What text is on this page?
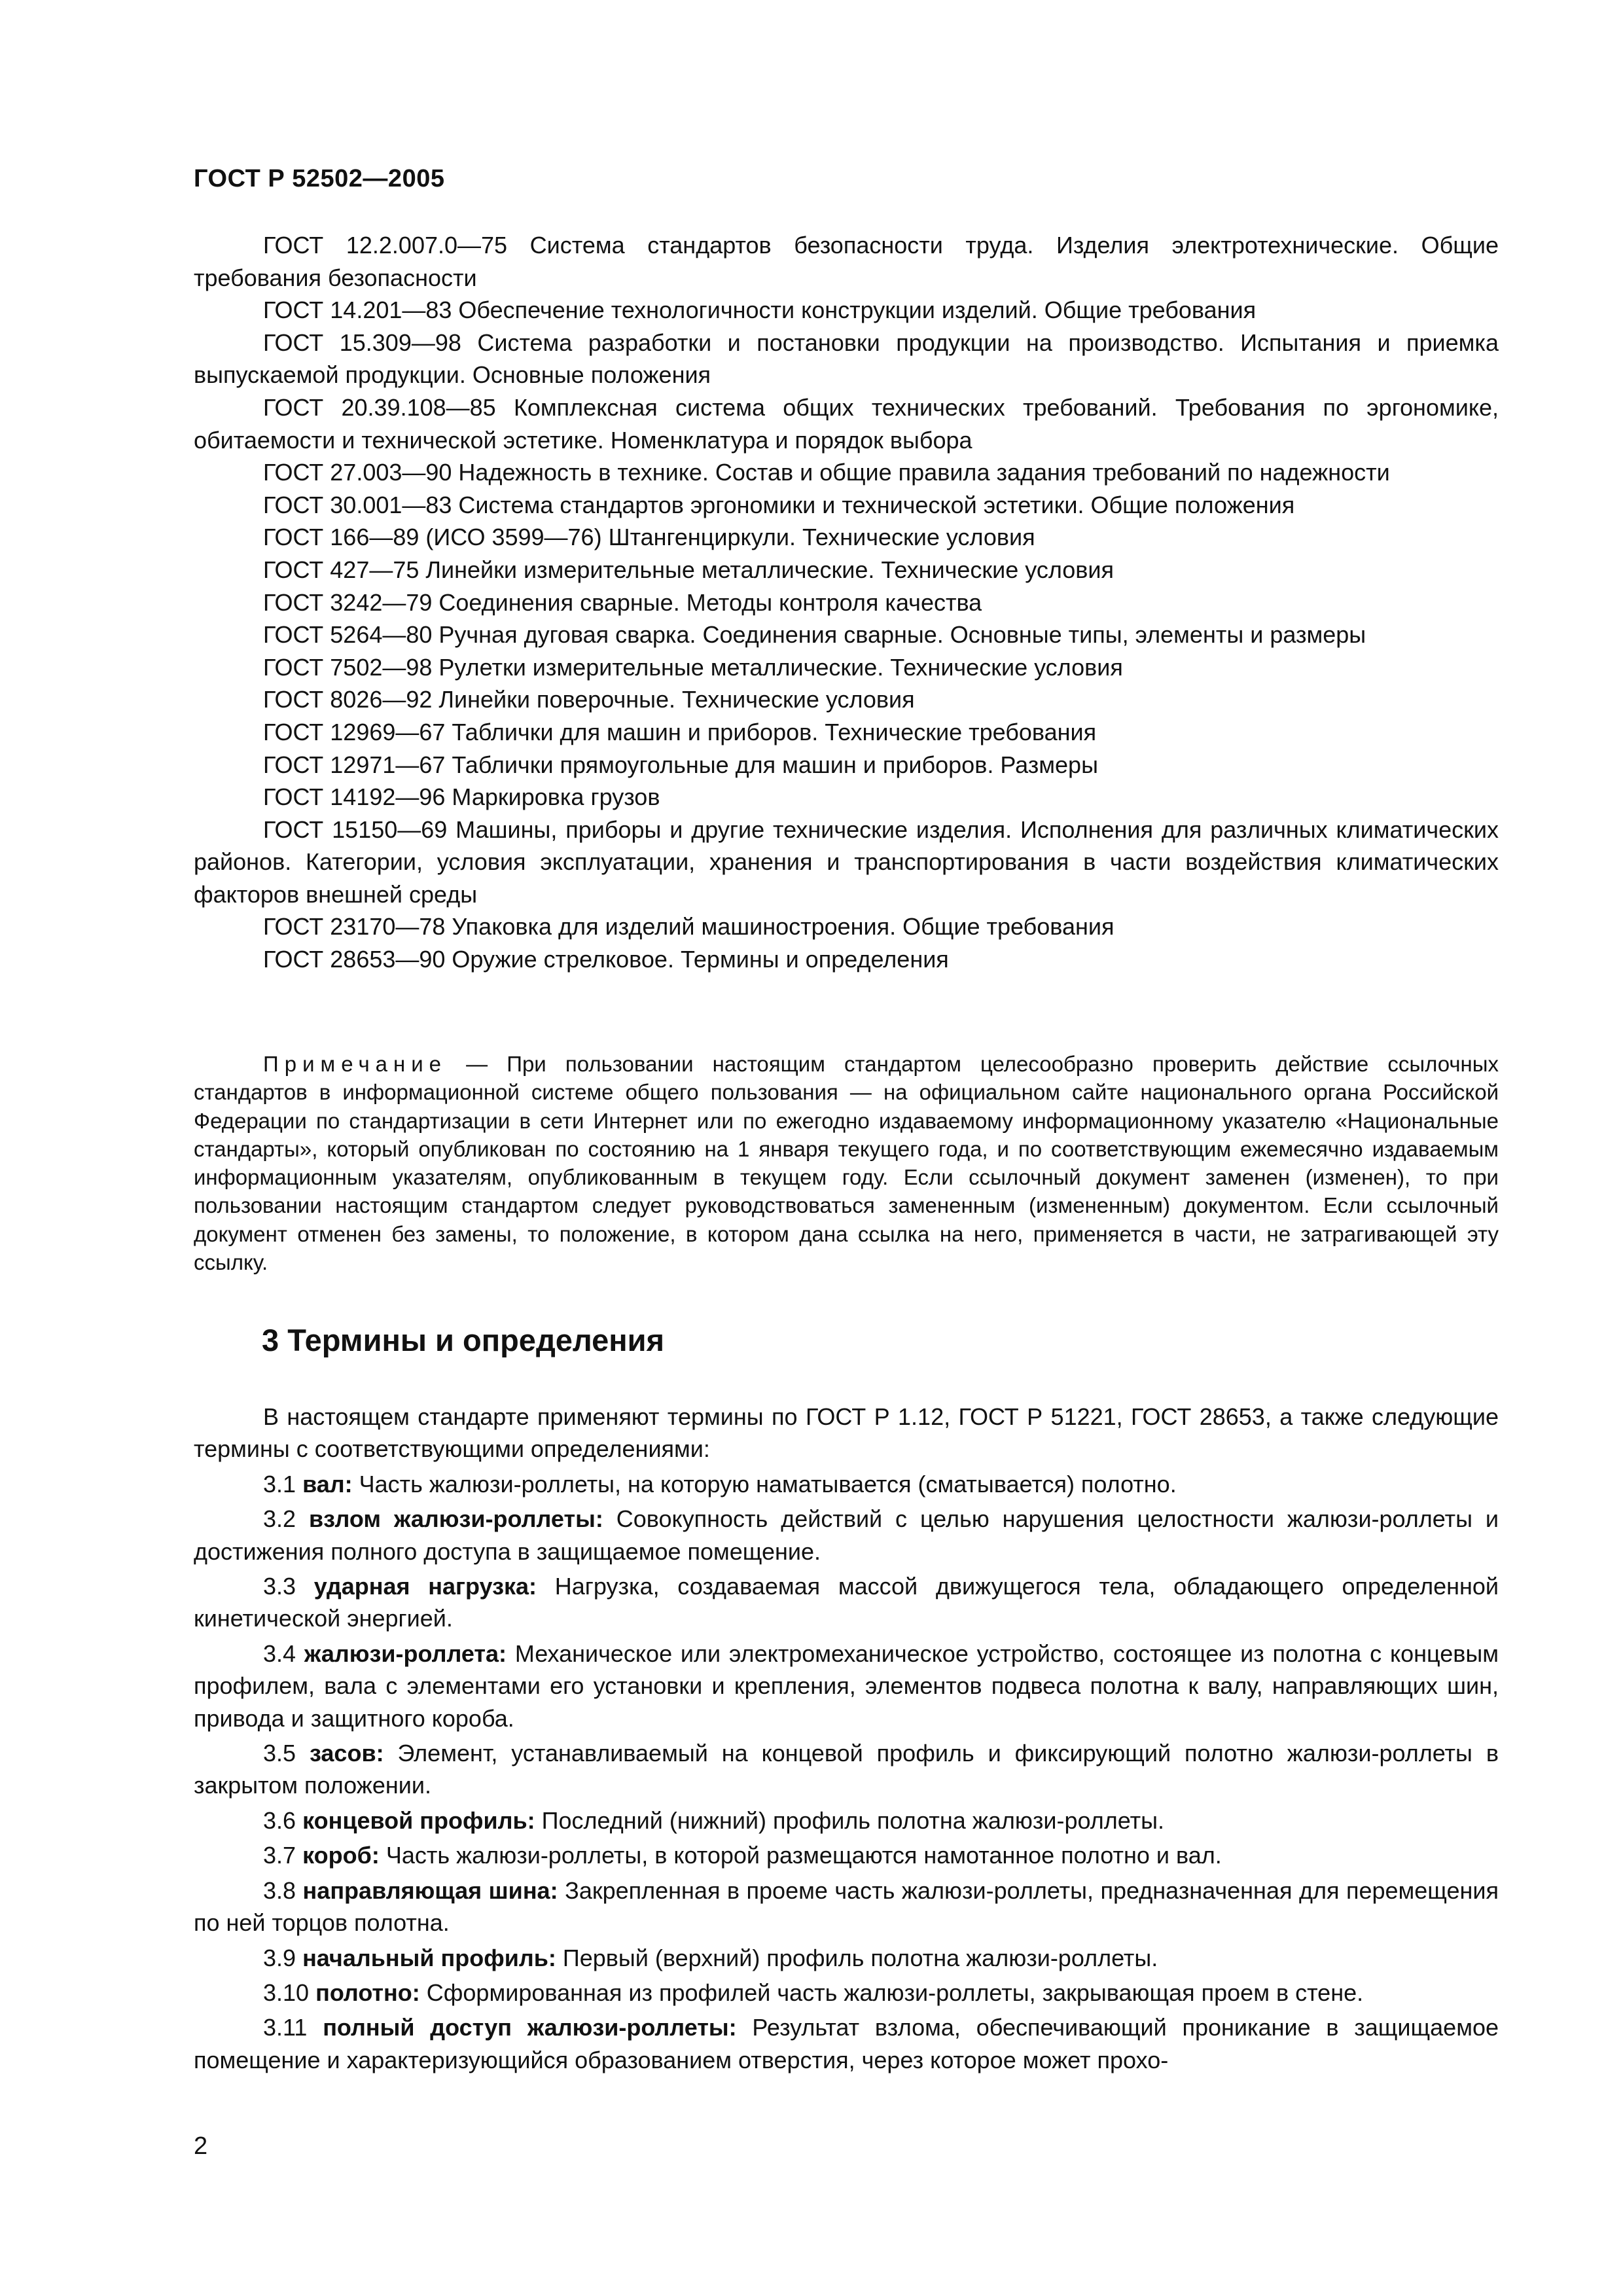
ГОСТ Р 52502—2005

ГОСТ 12.2.007.0—75 Система стандартов безопасности труда. Изделия электротехнические. Общие требования безопасности

ГОСТ 14.201—83 Обеспечение технологичности конструкции изделий. Общие требования

ГОСТ 15.309—98 Система разработки и постановки продукции на производство. Испытания и приемка выпускаемой продукции. Основные положения

ГОСТ 20.39.108—85 Комплексная система общих технических требований. Требования по эргономике, обитаемости и технической эстетике. Номенклатура и порядок выбора

ГОСТ 27.003—90 Надежность в технике. Состав и общие правила задания требований по надежности

ГОСТ 30.001—83 Система стандартов эргономики и технической эстетики. Общие положения

ГОСТ 166—89 (ИСО 3599—76) Штангенциркули. Технические условия

ГОСТ 427—75 Линейки измерительные металлические. Технические условия

ГОСТ 3242—79 Соединения сварные. Методы контроля качества

ГОСТ 5264—80 Ручная дуговая сварка. Соединения сварные. Основные типы, элементы и размеры

ГОСТ 7502—98 Рулетки измерительные металлические. Технические условия

ГОСТ 8026—92 Линейки поверочные. Технические условия

ГОСТ 12969—67 Таблички для машин и приборов. Технические требования

ГОСТ 12971—67 Таблички прямоугольные для машин и приборов. Размеры

ГОСТ 14192—96 Маркировка грузов

ГОСТ 15150—69 Машины, приборы и другие технические изделия. Исполнения для различных климатических районов. Категории, условия эксплуатации, хранения и транспортирования в части воздействия климатических факторов внешней среды

ГОСТ 23170—78 Упаковка для изделий машиностроения. Общие требования

ГОСТ 28653—90 Оружие стрелковое. Термины и определения

Примечание — При пользовании настоящим стандартом целесообразно проверить действие ссылочных стандартов в информационной системе общего пользования — на официальном сайте национального органа Российской Федерации по стандартизации в сети Интернет или по ежегодно издаваемому информационному указателю «Национальные стандарты», который опубликован по состоянию на 1 января текущего года, и по соответствующим ежемесячно издаваемым информационным указателям, опубликованным в текущем году. Если ссылочный документ заменен (изменен), то при пользовании настоящим стандартом следует руководствоваться замененным (измененным) документом. Если ссылочный документ отменен без замены, то положение, в котором дана ссылка на него, применяется в части, не затрагивающей эту ссылку.
3 Термины и определения

В настоящем стандарте применяют термины по ГОСТ Р 1.12, ГОСТ Р 51221, ГОСТ 28653, а также следующие термины с соответствующими определениями:

3.1 вал: Часть жалюзи-роллеты, на которую наматывается (сматывается) полотно.

3.2 взлом жалюзи-роллеты: Совокупность действий с целью нарушения целостности жалюзи-роллеты и достижения полного доступа в защищаемое помещение.

3.3 ударная нагрузка: Нагрузка, создаваемая массой движущегося тела, обладающего определенной кинетической энергией.

3.4 жалюзи-роллета: Механическое или электромеханическое устройство, состоящее из полотна с концевым профилем, вала с элементами его установки и крепления, элементов подвеса полотна к валу, направляющих шин, привода и защитного короба.

3.5 засов: Элемент, устанавливаемый на концевой профиль и фиксирующий полотно жалюзи-роллеты в закрытом положении.

3.6 концевой профиль: Последний (нижний) профиль полотна жалюзи-роллеты.

3.7 короб: Часть жалюзи-роллеты, в которой размещаются намотанное полотно и вал.

3.8 направляющая шина: Закрепленная в проеме часть жалюзи-роллеты, предназначенная для перемещения по ней торцов полотна.

3.9 начальный профиль: Первый (верхний) профиль полотна жалюзи-роллеты.

3.10 полотно: Сформированная из профилей часть жалюзи-роллеты, закрывающая проем в стене.

3.11 полный доступ жалюзи-роллеты: Результат взлома, обеспечивающий проникание в защищаемое помещение и характеризующийся образованием отверстия, через которое может прохо-

2
